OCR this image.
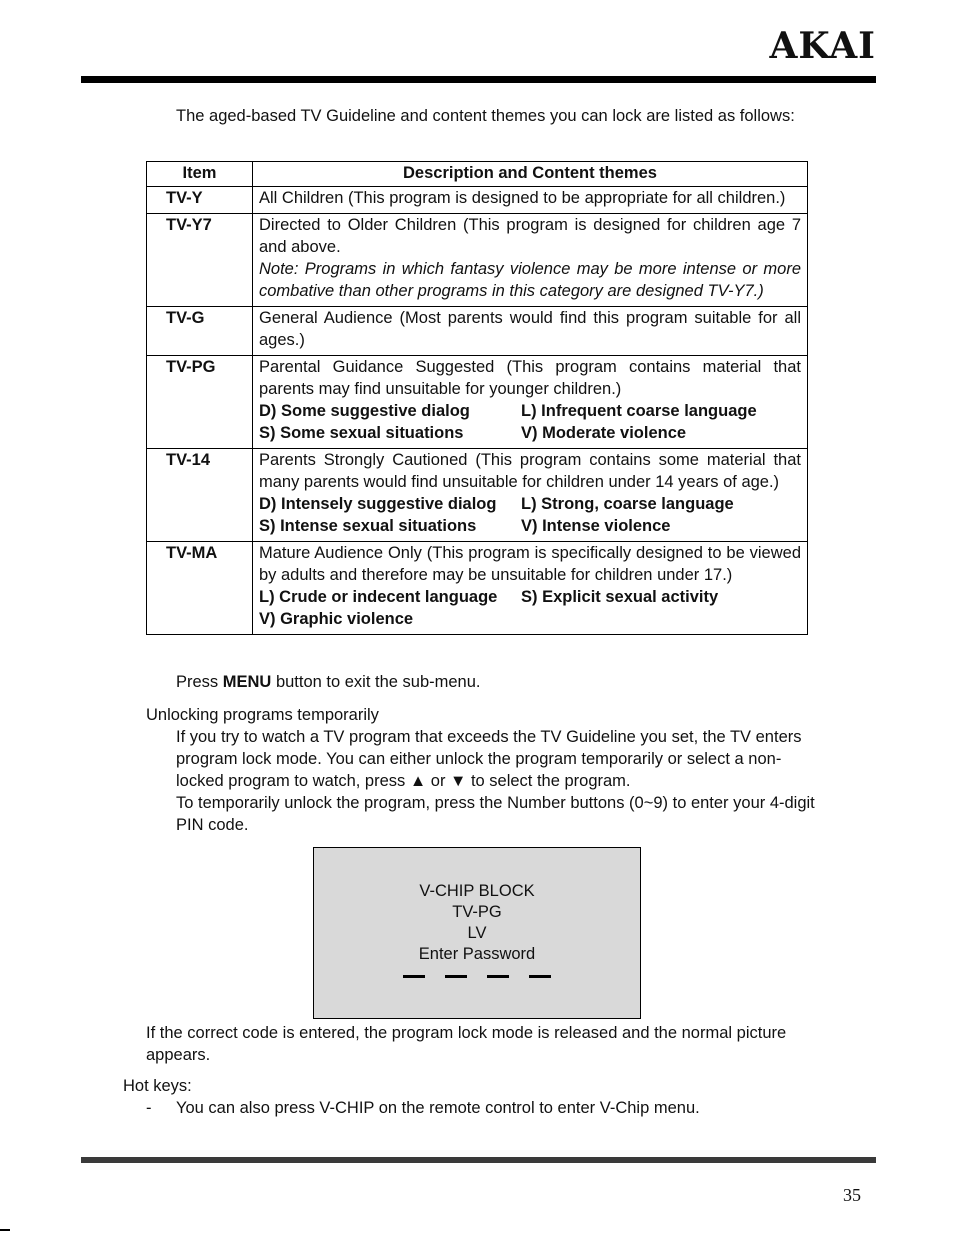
AKAI

The aged-based TV Guideline and content themes you can lock are listed as follows:

Item	Description and Content themes
TV-Y	All Children (This program is designed to be appropriate for all children.)

TV-Y7	Directed to Older Children (This program is designed for children age 7 and above.
Note: Programs in which fantasy violence may be more intense or more combative than other programs in this category are designed TV-Y7.)

TV-G	General Audience (Most parents would find this program suitable for all ages.)

TV-PG	Parental Guidance Suggested (This program contains material that parents may find unsuitable for younger children.)
D) Some suggestive dialog L) Infrequent coarse language
S) Some sexual situations V) Moderate violence

TV-14	Parents Strongly Cautioned (This program contains some material that many parents would find unsuitable for children under 14 years of age.)
D) Intensely suggestive dialog L) Strong, coarse language
S) Intense sexual situations V) Intense violence

TV-MA	Mature Audience Only (This program is specifically designed to be viewed by adults and therefore may be unsuitable for children under 17.)
L) Crude or indecent language S) Explicit sexual activity
V) Graphic violence

Press MENU button to exit the sub-menu.

Unlocking programs temporarily

If you try to watch a TV program that exceeds the TV Guideline you set, the TV enters program lock mode. You can either unlock the program temporarily or select a non-locked program to watch, press ▲ or ▼ to select the program.
To temporarily unlock the program, press the Number buttons (0~9) to enter your 4-digit PIN code.
V-CHIP BLOCK
TV-PG
LV
Enter Password

If the correct code is entered, the program lock mode is released and the normal picture appears.

Hot keys:

- You can also press V-CHIP on the remote control to enter V-Chip menu.

35
